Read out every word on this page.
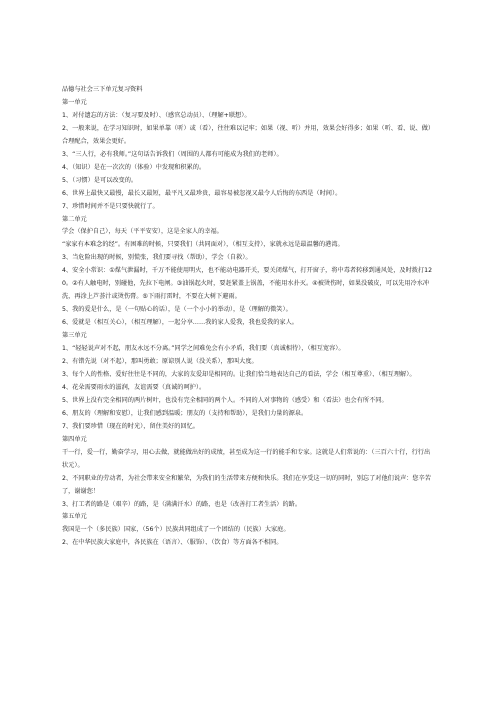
品德与社会三下单元复习资料

第一单元

1、对付遗忘的方法：（复习要及时）、（感官总动员）、（理解+联想）。

2、一般来说，在学习知识时，如果单靠（听）或（看），往往难以记牢；如果（视、听）并用，效果会好得多；如果（听、看、说、做）合理配合，效果会更好。

3、“三人行，必有我师。”这句话告诉我们（周围的人都有可能成为我们的老师）。

4、（知识）是在一次次的（体验）中发现和积累的。

5、（习惯）是可以改变的。

6、世界上最快又最慢，最长又最短，最平凡又最珍贵，最容易被忽视又最令人后悔的东西是（时间）。

7、珍惜时间并不是只要快就行了。

第二单元

学会（保护自己），每天（平平安安），这是全家人的幸福。

“家家有本难念的经”。有困难的时候，只要我们（共同面对），（相互支持），家就永远是最温馨的港湾。

3、当危险出现的时候，别慌张，我们要寻找（帮助），学会（自救）。

4、安全小常识：①煤气泄漏时，千万不能使用明火，也不能动电器开关，要关闭煤气，打开窗子，将中毒者转移到通风处，及时拨打120。②有人触电时，别碰他，先拉下电闸。③油锅起火时，要赶紧盖上锅盖，不能用水扑灭。④被烫伤时，如果没破皮，可以先用冷水冲洗，再涂上芦荟汁或烫伤膏。⑤下雨打雷时，不要在大树下避雨。

5、我的爱是什么，是（一句贴心的话），是（一个小小的举动），是（理解的微笑）。

6、爱就是（相互关心），（相互理解），一起分享……我的家人爱我，我也爱我的家人。

第三单元

1、“轻轻说声对不起，朋友永远不分离。”同学之间难免会有小矛盾，我们要（真诚相待），（相互宽容）。

2、有错先说（对不起），那叫勇敢；原谅别人说（没关系），那叫大度。

3、每个人的性格、爱好往往是不同的，大家的友爱却是相同的。让我们恰当地表达自己的看法，学会（相互尊重）、（相互理解）。

4、花朵需要雨水的滋润，友谊需要（真诚的呵护）。

5、世界上没有完全相同的两片树叶，也没有完全相同的两个人。不同的人对事物的（感受）和（看法）也会有所不同。

6、朋友的（理解和安慰），让我们感到温暖；朋友的（支持和帮助），是我们力量的源泉。

7、我们要珍惜（现在的时光），留住美好的回忆。

第四单元

干一行，爱一行，勤奋学习，用心去做，就能做出好的成绩，甚至成为这一行的能手和专家。这就是人们常说的：（三百六十行，行行出状元）。

2、不同职业的劳动者，为社会带来安全和繁荣，为我们的生活带来方便和快乐。我们在享受这一切的同时，别忘了对他们说声：您辛苦了，谢谢您！

3、打工者的路是（艰辛）的路，是（满满汗水）的路，也是（改善打工者生活）的路。

第五单元

我国是一个（多民族）国家，（56个）民族共同组成了一个团结的（民族）大家庭。

2、在中华民族大家庭中，各民族在（语言）、（服饰）、（饮食）等方面各不相同。
